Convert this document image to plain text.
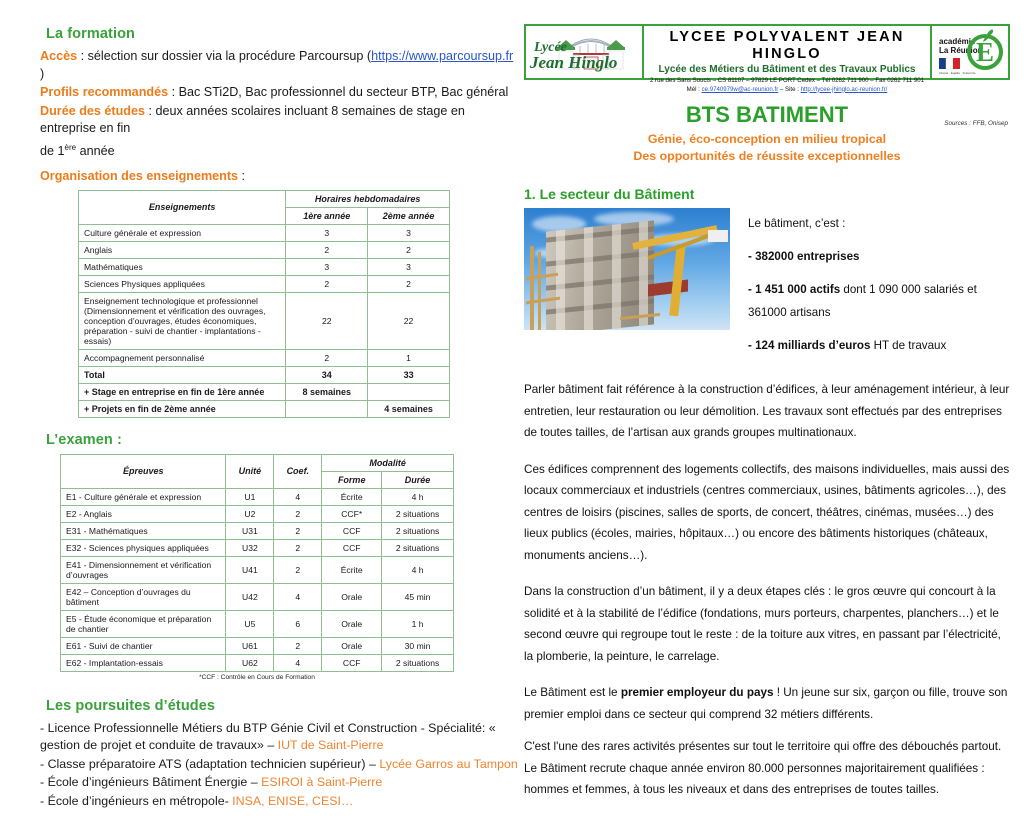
La formation
Accès : sélection sur dossier via la procédure Parcoursup (https://www.parcoursup.fr )
Profils recommandés : Bac STi2D, Bac professionnel du secteur BTP, Bac général
Durée des études : deux années scolaires incluant 8 semaines de stage en entreprise en fin
de 1ère année
Organisation des enseignements :
Enseignements	Horaires hebdomadaires	
	1ère année	2ème année
Culture générale et expression	3	3
Anglais	2	2
Mathématiques	3	3
Sciences Physiques appliquées	2	2
Enseignement technologique et professionnel (Dimensionnement et vérification des ouvrages, conception d’ouvrages, études économiques, préparation - suivi de chantier - implantations - essais)	22	22
Accompagnement personnalisé	2	1
Total	34	33
+ Stage en entreprise en fin de 1ère année	8 semaines	
+ Projets en fin de 2ème année		4 semaines
L’examen :
Épreuves	Unité	Coef.	Modalité	
			Forme	Durée
E1 - Culture générale et expression	U1	4	Écrite	4 h
E2 - Anglais	U2	2	CCF*	2 situations
E31 - Mathématiques	U31	2	CCF	2 situations
E32 - Sciences physiques appliquées	U32	2	CCF	2 situations
E41 - Dimensionnement et vérification d’ouvrages	U41	2	Écrite	4 h
E42 – Conception d’ouvrages du bâtiment	U42	4	Orale	45 min
E5 - Étude économique et préparation de chantier	U5	6	Orale	1 h
E61 - Suivi de chantier	U61	2	Orale	30 min
E62 - Implantation-essais	U62	4	CCF	2 situations
*CCF : Contrôle en Cours de Formation
Les poursuites d’études
- Licence Professionnelle Métiers du BTP Génie Civil et Construction - Spécialité: « gestion de projet et conduite de travaux» – IUT de Saint-Pierre
- Classe préparatoire ATS (adaptation technicien supérieur) – Lycée Garros au Tampon
- École d’ingénieurs Bâtiment Énergie – ESIROI à Saint-Pierre
- École d’ingénieurs en métropole- INSA, ENISE, CESI…
Lycée
Jean Hinglo
LYCEE POLYVALENT JEAN HINGLO
Lycée des Métiers du Bâtiment et des Travaux Publics
2 rue des Sans Soucis – CS 81107 – 97829 LE PORT Cedex – Tél 0262 711 900 – Fax 0262 711 901
Mél : ce.9740979w@ac-reunion.fr – Site : http://lycee-jhinglo.ac-reunion.fr/
académie
La Réunion
Liberté · Égalité · Fraternité
É
BTS BATIMENT
Génie, éco-conception en milieu tropical
Des opportunités de réussite exceptionnelles
Sources : FFB, Onisep
1. Le secteur du Bâtiment

Le bâtiment, c’est :

- 382000 entreprises

- 1 451 000 actifs dont 1 090 000 salariés et 361000 artisans

- 124 milliards d’euros HT de travaux

Parler bâtiment fait référence à la construction d’édifices, à leur aménagement intérieur, à leur entretien, leur restauration ou leur démolition. Les travaux sont effectués par des entreprises de toutes tailles, de l’artisan aux grands groupes multinationaux.

Ces édifices comprennent des logements collectifs, des maisons individuelles, mais aussi des locaux commerciaux et industriels (centres commerciaux, usines, bâtiments agricoles…), des centres de loisirs (piscines, salles de sports, de concert, théâtres, cinémas, musées…) des lieux publics (écoles, mairies, hôpitaux…) ou encore des bâtiments historiques (châteaux, monuments anciens…).

Dans la construction d’un bâtiment, il y a deux étapes clés : le gros œuvre qui concourt à la solidité et à la stabilité de l’édifice (fondations, murs porteurs, charpentes, planchers…) et le second œuvre qui regroupe tout le reste : de la toiture aux vitres, en passant par l’électricité, la plomberie, la peinture, le carrelage.

Le Bâtiment est le premier employeur du pays ! Un jeune sur six, garçon ou fille, trouve son premier emploi dans ce secteur qui comprend 32 métiers différents.

C'est l'une des rares activités présentes sur tout le territoire qui offre des débouchés partout. Le Bâtiment recrute chaque année environ 80.000 personnes majoritairement qualifiées : hommes et femmes, à tous les niveaux et dans des entreprises de toutes tailles.
